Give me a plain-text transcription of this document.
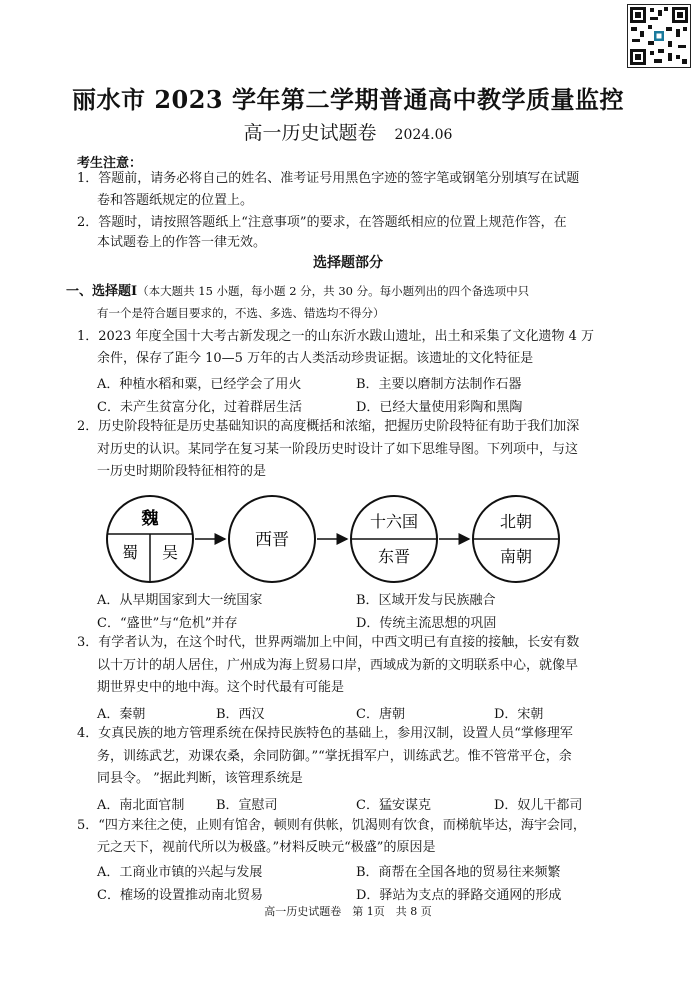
丽水市 2023 学年第二学期普通高中教学质量监控
高一历史试题卷 2024.06
考生注意：
1．答题前，请务必将自己的姓名、准考证号用黑色字迹的签字笔或钢笔分别填写在试题
卷和答题纸规定的位置上。
2．答题时，请按照答题纸上“注意事项”的要求，在答题纸相应的位置上规范作答，在
本试题卷上的作答一律无效。
选择题部分
一、选择题Ⅰ（本大题共 15 小题，每小题 2 分，共 30 分。每小题列出的四个备选项中只
有一个是符合题目要求的，不选、多选、错选均不得分）
1．2023 年度全国十大考古新发现之一的山东沂水跋山遗址，出土和采集了文化遗物 4 万
余件，保存了距今 10—5 万年的古人类活动珍贵证据。该遗址的文化特征是
A．种植水稻和粟，已经学会了用火	B．主要以磨制方法制作石器
C．未产生贫富分化，过着群居生活	D．已经大量使用彩陶和黑陶
2．历史阶段特征是历史基础知识的高度概括和浓缩，把握历史阶段特征有助于我们加深
对历史的认识。某同学在复习某一阶段历史时设计了如下思维导图。下列项中，与这
一历史时期阶段特征相符的是
魏
蜀 吴
西晋
十六国
东晋
北朝
南朝
A．从早期国家到大一统国家	B．区域开发与民族融合
C．“盛世”与“危机”并存	D．传统主流思想的巩固
3．有学者认为，在这个时代，世界两端加上中间，中西文明已有直接的接触，长安有数
以十万计的胡人居住，广州成为海上贸易口岸，西域成为新的文明联系中心，就像早
期世界史中的地中海。这个时代最有可能是
A．秦朝	B．西汉	C．唐朝	D．宋朝
4．女真民族的地方管理系统在保持民族特色的基础上，参用汉制，设置人员“掌修理军
务，训练武艺，劝课农桑，余同防御。”“掌抚揖军户，训练武艺。惟不管常平仓，余
同县令。 ”据此判断，该管理系统是
A．南北面官制 B．宣慰司	C．猛安谋克	D．奴儿干都司
5．“四方来往之使，止则有馆舍，顿则有供帐，饥渴则有饮食，而梯航毕达，海宇会同，
元之天下，视前代所以为极盛。”材料反映元“极盛”的原因是
A．工商业市镇的兴起与发展	B．商帮在全国各地的贸易往来频繁
C．榷场的设置推动南北贸易	D．驿站为支点的驿路交通网的形成
高一历史试题卷　第 1页　共 8 页
